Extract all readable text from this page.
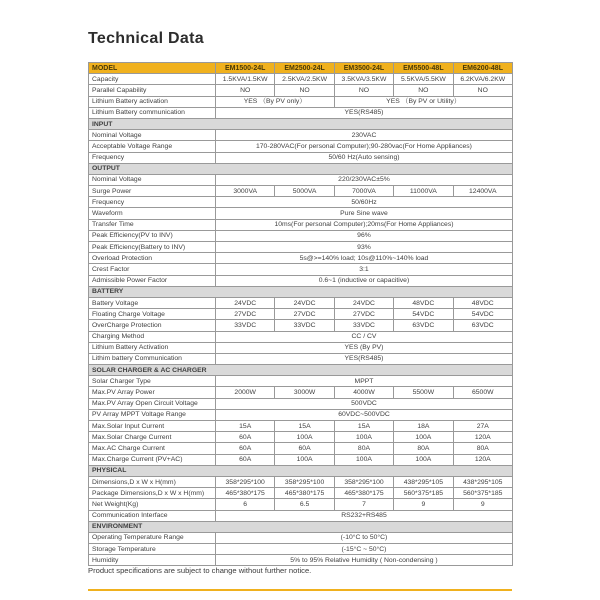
Technical Data
MODEL	EM1500-24L	EM2500-24L	EM3500-24L	EM5500-48L	EM6200-48L
Capacity	1.5KVA/1.5KW	2.5KVA/2.5KW	3.5KVA/3.5KW	5.5KVA/5.5KW	6.2KVA/6.2KW
Parallel Capability	NO	NO	NO	NO	NO
Lithium Battery activation	YES （By PV only）		YES （By PV or Utility）		
Lithium Battery communication	YES(RS485)				
INPUT					
Nominal Voltage	230VAC				
Acceptable Voltage Range	170-280VAC(For personal Computer);90-280vac(For Home Appliances)				
Frequency	50/60 Hz(Auto sensing)				
OUTPUT					
Nominal Voltage	220/230VAC±5%				
Surge Power	3000VA	5000VA	7000VA	11000VA	12400VA
Frequency	50/60Hz				
Waveform	Pure Sine wave				
Transfer Time	10ms(For personal Computer);20ms(For Home Appliances)				
Peak Efficiency(PV to INV)	96%				
Peak Efficiency(Battery to INV)	93%				
Overload Protection	5s@>=140% load; 10s@110%~140% load				
Crest Factor	3:1				
Admissible Power Factor	0.6~1 (inductive or capacitive)				
BATTERY					
Battery Voltage	24VDC	24VDC	24VDC	48VDC	48VDC
Floating Charge Voltage	27VDC	27VDC	27VDC	54VDC	54VDC
OverCharge Protection	33VDC	33VDC	33VDC	63VDC	63VDC
Charging Method	CC / CV				
Lithium Battery Activation	YES (By PV)				
Lithim battery Communication	YES(RS485)				
SOLAR CHARGER & AC CHARGER					
Solar Charger Type	MPPT				
Max.PV Array Power	2000W	3000W	4000W	5500W	6500W
Max.PV Array Open Circuit Voltage	500VDC				
PV Array MPPT Voltage Range	60VDC~500VDC				
Max.Solar Input Current	15A	15A	15A	18A	27A
Max.Solar Charge Current	60A	100A	100A	100A	120A
Max.AC Charge Current	60A	60A	80A	80A	80A
Max.Charge Current (PV+AC)	60A	100A	100A	100A	120A
PHYSICAL					
Dimensions,D x W x H(mm)	358*295*100	358*295*100	358*295*100	438*295*105	438*295*105
Package Dimensions,D x W x H(mm)	465*380*175	465*380*175	465*380*175	560*375*185	560*375*185
Net Weight(Kg)	6	6.5	7	9	9
Communication Interface	RS232+RS485				
ENVIRONMENT					
Operating Temperature Range	(-10°C to 50°C)				
Storage Temperature	(-15°C ~ 50°C)				
Humidity	5% to 95% Relative Humidity ( Non-condensing )				
Product specifications are subject to change without further notice.
